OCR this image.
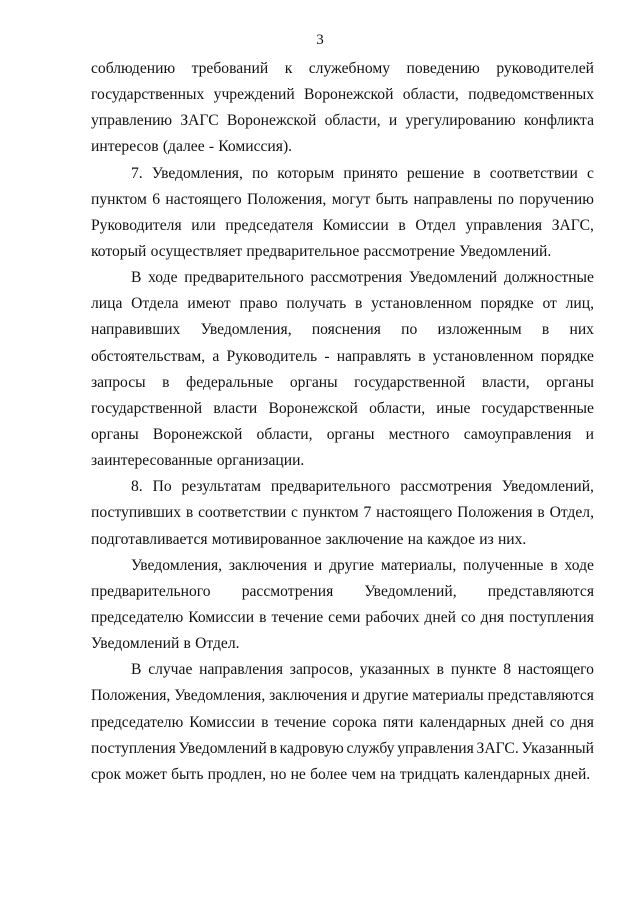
3
соблюдению требований к служебному поведению руководителей
государственных учреждений Воронежской области, подведомственных
управлению ЗАГС Воронежской области, и урегулированию конфликта
интересов (далее - Комиссия).
7. Уведомления, по которым принято решение в соответствии с
пунктом 6 настоящего Положения, могут быть направлены по поручению
Руководителя или председателя Комиссии в Отдел управления ЗАГС,
который осуществляет предварительное рассмотрение Уведомлений.
В ходе предварительного рассмотрения Уведомлений должностные
лица Отдела имеют право получать в установленном порядке от лиц,
направивших Уведомления, пояснения по изложенным в них
обстоятельствам, а Руководитель - направлять в установленном порядке
запросы в федеральные органы государственной власти, органы
государственной власти Воронежской области, иные государственные
органы Воронежской области, органы местного самоуправления и
заинтересованные организации.
8. По результатам предварительного рассмотрения Уведомлений,
поступивших в соответствии с пунктом 7 настоящего Положения в Отдел,
подготавливается мотивированное заключение на каждое из них.
Уведомления, заключения и другие материалы, полученные в ходе
предварительного рассмотрения Уведомлений, представляются
председателю Комиссии в течение семи рабочих дней со дня поступления
Уведомлений в Отдел.
В случае направления запросов, указанных в пункте 8 настоящего
Положения, Уведомления, заключения и другие материалы представляются
председателю Комиссии в течение сорока пяти календарных дней со дня
поступления Уведомлений в кадровую службу управления ЗАГС. Указанный
срок может быть продлен, но не более чем на тридцать календарных дней.
